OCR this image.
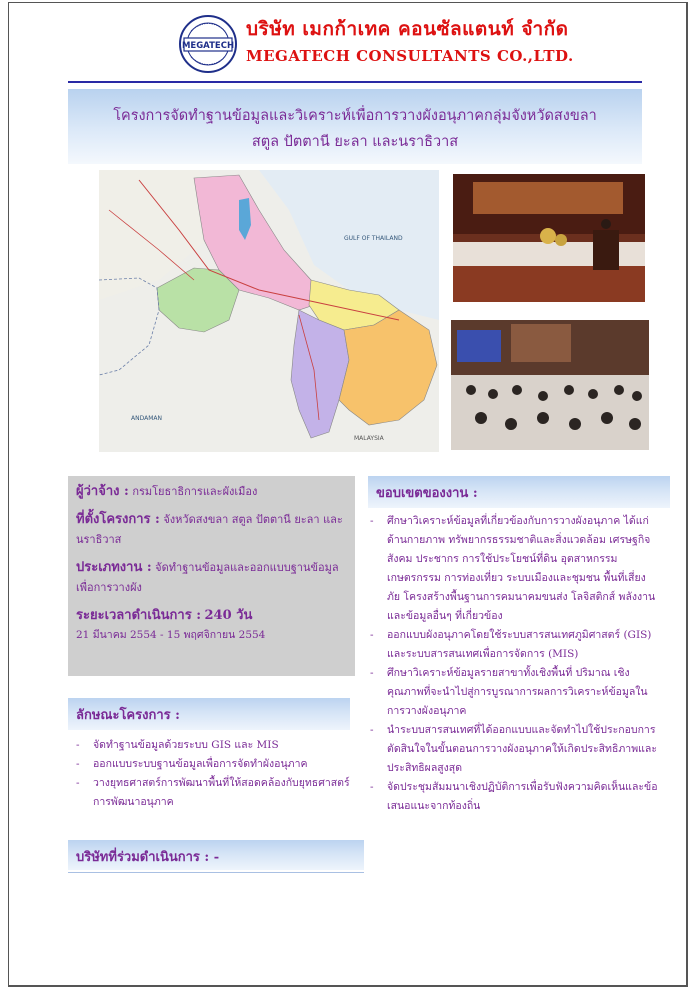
MEGATECH
บริษัท เมกก้าเทค คอนซัลแตนท์ จำกัด
MEGATECH CONSULTANTS CO.,LTD.
โครงการจัดทำฐานข้อมูลและวิเคราะห์เพื่อการวางผังอนุภาคกลุ่มจังหวัดสงขลา
สตูล ปัตตานี ยะลา และนราธิวาส
GULF OF THAILAND
ANDAMAN
MALAYSIA
ผู้ว่าจ้าง : กรมโยธาธิการและผังเมือง
ที่ตั้งโครงการ : จังหวัดสงขลา สตูล ปัตตานี ยะลา และนราธิวาส
ประเภทงาน : จัดทำฐานข้อมูลและออกแบบฐานข้อมูลเพื่อการวางผัง
ระยะเวลาดำเนินการ : 240 วัน
21 มีนาคม 2554 - 15 พฤศจิกายน 2554
ลักษณะโครงการ :
- จัดทำฐานข้อมูลด้วยระบบ GIS และ MIS
- ออกแบบระบบฐานข้อมูลเพื่อการจัดทำผังอนุภาค
- วางยุทธศาสตร์การพัฒนาพื้นที่ให้สอดคล้องกับยุทธศาสตร์การพัฒนาอนุภาค
บริษัทที่ร่วมดำเนินการ : -
ขอบเขตของงาน :
- ศึกษาวิเคราะห์ข้อมูลที่เกี่ยวข้องกับการวางผังอนุภาค ได้แก่ ด้านกายภาพ ทรัพยากรธรรมชาติและสิ่งแวดล้อม เศรษฐกิจสังคม ประชากร การใช้ประโยชน์ที่ดิน อุตสาหกรรม เกษตรกรรม การท่องเที่ยว ระบบเมืองและชุมชน พื้นที่เสี่ยงภัย โครงสร้างพื้นฐานการคมนาคมขนส่ง โลจิสติกส์ พลังงาน และข้อมูลอื่นๆ ที่เกี่ยวข้อง
- ออกแบบผังอนุภาคโดยใช้ระบบสารสนเทศภูมิศาสตร์ (GIS) และระบบสารสนเทศเพื่อการจัดการ (MIS)
- ศึกษาวิเคราะห์ข้อมูลรายสาขาทั้งเชิงพื้นที่ ปริมาณ เชิงคุณภาพที่จะนำไปสู่การบูรณาการผลการวิเคราะห์ข้อมูลในการวางผังอนุภาค
- นำระบบสารสนเทศที่ได้ออกแบบและจัดทำไปใช้ประกอบการตัดสินใจในขั้นตอนการวางผังอนุภาคให้เกิดประสิทธิภาพและประสิทธิผลสูงสุด
- จัดประชุมสัมมนาเชิงปฏิบัติการเพื่อรับฟังความคิดเห็นและข้อเสนอแนะจากท้องถิ่น
